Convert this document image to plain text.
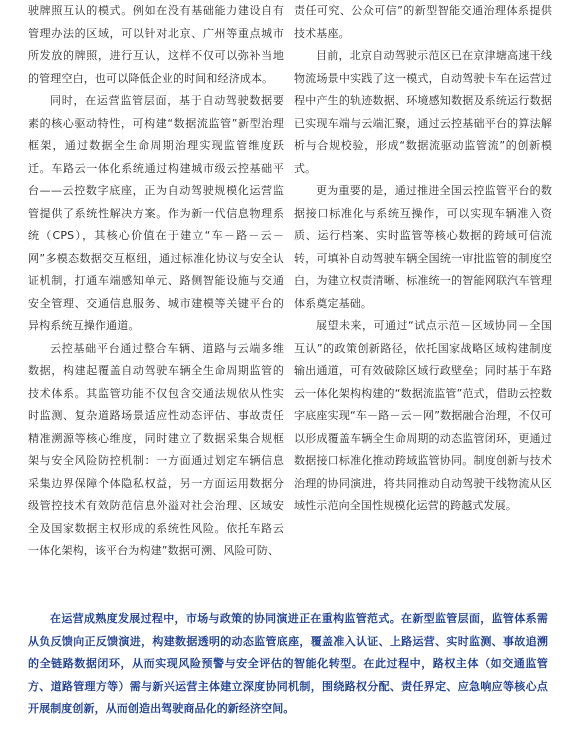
驶牌照互认的模式。例如在没有基础能力建设自有管理办法的区域，可以针对北京、广州等重点城市所发放的牌照，进行互认，这样不仅可以弥补当地的管理空白，也可以降低企业的时间和经济成本。

同时，在运营监管层面，基于自动驾驶数据要素的核心驱动特性，可构建“数据流监管”新型治理框架，通过数据全生命周期治理实现监管维度跃迁。车路云一体化系统通过构建城市级云控基础平台——云控数字底座，正为自动驾驶规模化运营监管提供了系统性解决方案。作为新一代信息物理系统（CPS），其核心价值在于建立“车－路－云－网”多模态数据交互枢纽，通过标准化协议与安全认证机制，打通车端感知单元、路侧智能设施与交通安全管理、交通信息服务、城市建模等关键平台的异构系统互操作通道。

云控基础平台通过整合车辆、道路与云端多维数据，构建起覆盖自动驾驶车辆全生命周期监管的技术体系。其监管功能不仅包含交通法规依从性实时监测、复杂道路场景适应性动态评估、事故责任精准溯源等核心维度，同时建立了数据采集合规框架与安全风险防控机制：一方面通过划定车辆信息采集边界保障个体隐私权益，另一方面运用数据分级管控技术有效防范信息外溢对社会治理、区域安全及国家数据主权形成的系统性风险。依托车路云一体化架构，该平台为构建”数据可溯、风险可防、

责任可究、公众可信”的新型智能交通治理体系提供技术基座。

目前，北京自动驾驶示范区已在京津塘高速干线物流场景中实践了这一模式，自动驾驶卡车在运营过程中产生的轨迹数据、环境感知数据及系统运行数据已实现车端与云端汇聚，通过云控基础平台的算法解析与合规校验，形成“数据流驱动监管流”的创新模式。

更为重要的是，通过推进全国云控监管平台的数据接口标准化与系统互操作，可以实现车辆准入资质、运行档案、实时监管等核心数据的跨域可信流转，可填补自动驾驶车辆全国统一审批监管的制度空白，为建立权责清晰、标准统一的智能网联汽车管理体系奠定基础。

展望未来，可通过“试点示范－区域协同－全国互认”的政策创新路径，依托国家战略区域构建制度输出通道，可有效破除区域行政壁垒；同时基于车路云一体化架构构建的“数据流监管”范式，借助云控数字底座实现“车－路－云－网”数据融合治理，不仅可以形成覆盖车辆全生命周期的动态监管闭环，更通过数据接口标准化推动跨域监管协同。制度创新与技术治理的协同演进，将共同推动自动驾驶干线物流从区域性示范向全国性规模化运营的跨越式发展。

在运营成熟度发展过程中，市场与政策的协同演进正在重构监管范式。在新型监管层面，监管体系需从负反馈向正反馈演进，构建数据透明的动态监管底座，覆盖准入认证、上路运营、实时监测、事故追溯的全链路数据闭环，从而实现风险预警与安全评估的智能化转型。在此过程中，路权主体（如交通监管方、道路管理方等）需与新兴运营主体建立深度协同机制，围绕路权分配、责任界定、应急响应等核心点开展制度创新，从而创造出驾驶商品化的新经济空间。
